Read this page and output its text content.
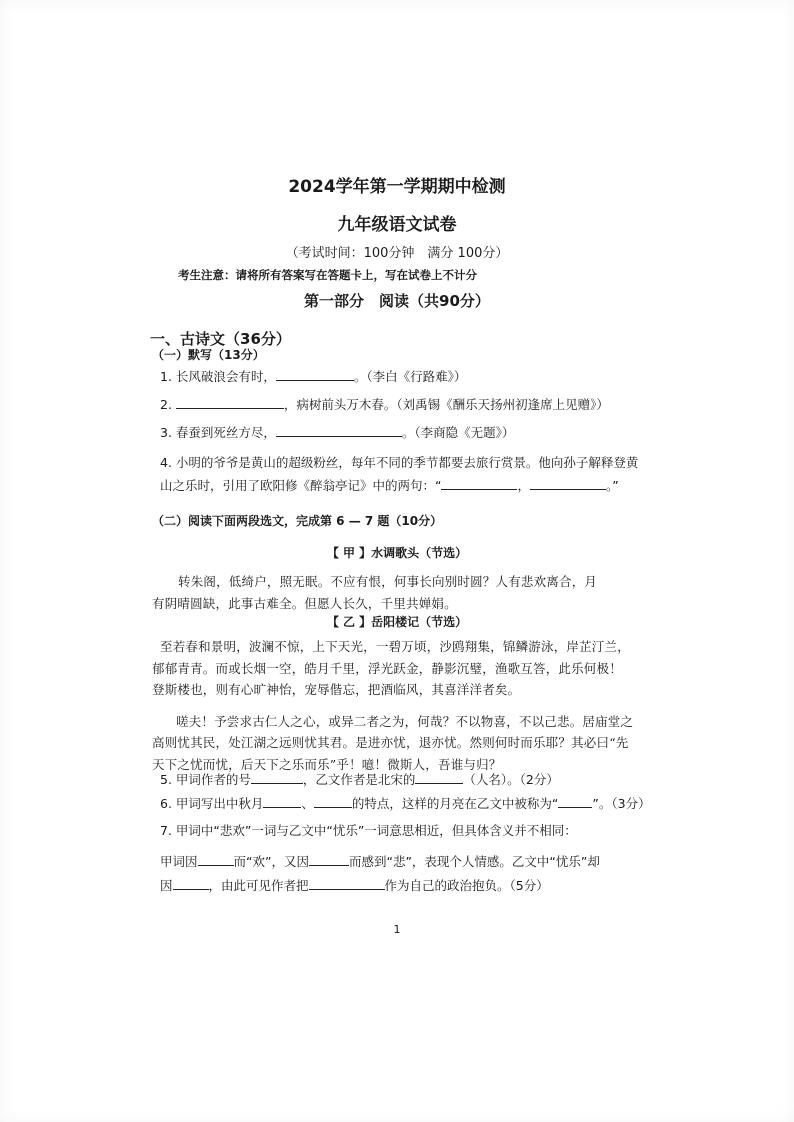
2024学年第一学期期中检测
九年级语文试卷
（考试时间：100分钟　满分 100分）
考生注意：请将所有答案写在答题卡上，写在试卷上不计分
第一部分　阅读（共90分）
一、古诗文（36分）
（一）默写（13分）
1. 长风破浪会有时，	。（李白《行路难》）
2.	，病树前头万木春。（刘禹锡《酬乐天扬州初逢席上见赠》）
3. 春蚕到死丝方尽，	。（李商隐《无题》）
4. 小明的爷爷是黄山的超级粉丝，每年不同的季节都要去旅行赏景。他向孙子解释登黄
山之乐时，引用了欧阳修《醉翁亭记》中的两句：“	，	。”
（二）阅读下面两段选文，完成第 6 — 7 题（10分）
【 甲 】水调歌头（节选）
转朱阁，低绮户，照无眠。不应有恨，何事长向别时圆？人有悲欢离合，月
有阴晴圆缺，此事古难全。但愿人长久，千里共婵娟。
【 乙 】岳阳楼记（节选）
至若春和景明，波澜不惊，上下天光，一碧万顷，沙鸥翔集，锦鳞游泳，岸芷汀兰，
郁郁青青。而或长烟一空，皓月千里，浮光跃金，静影沉璧，渔歌互答，此乐何极！
登斯楼也，则有心旷神怡，宠辱偕忘，把酒临风，其喜洋洋者矣。
嗟夫！予尝求古仁人之心，或异二者之为，何哉？不以物喜，不以己悲。居庙堂之
高则忧其民，处江湖之远则忧其君。是进亦忧，退亦忧。然则何时而乐耶？其必曰“先
天下之忧而忧，后天下之乐而乐”乎！噫！微斯人，吾谁与归？
5. 甲词作者的号	，乙文作者是北宋的	（人名）。（2分）
6. 甲词写出中秋月	、	的特点，这样的月亮在乙文中被称为“	”。（3分）
7. 甲词中“悲欢”一词与乙文中“忧乐”一词意思相近，但具体含义并不相同：
甲词因	而“欢”，又因	而感到“悲”，表现个人情感。乙文中“忧乐”却
因	，由此可见作者把	作为自己的政治抱负。（5分）
1
